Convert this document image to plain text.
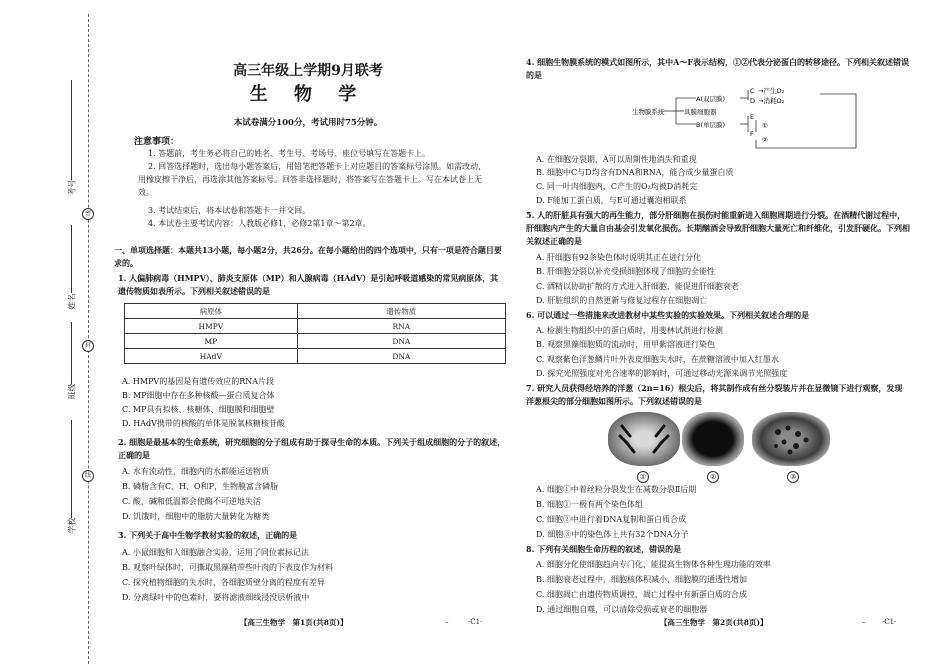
考号
密
姓名
封
班级
线
学校
高三年级上学期9月联考
生 物 学
本试卷满分100分，考试用时75分钟。
注意事项：
1. 答题前，考生务必将自己的姓名、考生号、考场号、座位号填写在答题卡上。
2. 回答选择题时，选出每小题答案后，用铅笔把答题卡上对应题目的答案标号涂黑。如需改动，用橡皮擦干净后，再选涂其他答案标号。回答非选择题时，将答案写在答题卡上。写在本试卷上无效。
3. 考试结束后，将本试卷和答题卡一并交回。
4. 本试卷主要考试内容：人教版必修1，必修2第1章～第2章。
一、单项选择题：本题共13小题，每小题2分，共26分。在每小题给出的四个选项中，只有一项是符合题目要求的。
1. 人偏肺病毒（HMPV）、肺炎支原体（MP）和人腺病毒（HAdV）是引起呼吸道感染的常见病原体，其遗传物质如表所示。下列相关叙述错误的是
病原体	遗传物质
HMPV	RNA
MP	DNA
HAdV	DNA
A. HMPV的基因是有遗传效应的RNA片段
B. MP细胞中存在多种核酸—蛋白质复合体
C. MP具有拟核、核糖体、细胞膜和细胞壁
D. HAdV携带的核酸的单体是脱氧核糖核苷酸
2. 细胞是最基本的生命系统，研究细胞的分子组成有助于探寻生命的本质。下列关于组成细胞的分子的叙述，正确的是
A. 水有流动性，细胞内的水都能运送物质
B. 磷脂含有C、H、O和P，生物膜富含磷脂
C. 酸、碱和低温都会使酶不可逆地失活
D. 饥饿时，细胞中的脂肪大量转化为糖类
3. 下列关于高中生物学教材实验的叙述，正确的是
A. 小鼠细胞和人细胞融合实验，运用了同位素标记法
B. 观察叶绿体时，可撕取黑藻稍带些叶肉的下表皮作为材料
C. 探究植物细胞的失水时，各细胞质壁分离的程度有差异
D. 分离绿叶中的色素时，要将滤液细线浸没层析液中
【高三生物学　第1页(共8页)】	–	·C1·
4. 细胞生物膜系统的模式如图所示，其中A～F表示结构，①②代表分泌蛋白的转移途径。下列相关叙述错误的是
生物膜系统
A(双层膜)
具膜细胞器
B(单层膜)
C →产生O₂
D →消耗O₂
E
F
①
②
A. 在细胞分裂期，A可以周期性地消失和重现
B. 细胞中C与D均含有DNA和RNA，能合成少量蛋白质
C. 同一叶肉细胞内，C产生的O₂均被D消耗完
D. F能加工蛋白质，与E可通过囊泡相联系
5. 人的肝脏具有强大的再生能力，部分肝细胞在损伤时能重新进入细胞周期进行分裂。在酒精代谢过程中，肝细胞内产生的大量自由基会引发氧化损伤。长期酗酒会导致肝细胞大量死亡和纤维化，引发肝硬化。下列相关叙述正确的是
A. 肝细胞有92条染色体时说明其正在进行分化
B. 肝细胞分裂以补充受损细胞体现了细胞的全能性
C. 酒精以协助扩散的方式进入肝细胞，能促进肝细胞衰老
D. 肝脏组织的自然更新与修复过程存在细胞凋亡
6. 可以通过一些措施来改进教材中某些实验的实验效果。下列相关叙述合理的是
A. 检测生物组织中的蛋白质时，用斐林试剂进行检测
B. 观察黑藻细胞质的流动时，用甲紫溶液进行染色
C. 观察紫色洋葱鳞片叶外表皮细胞失水时，在蔗糖溶液中加入红墨水
D. 探究光照强度对光合速率的影响时，可通过移动光源来调节光照强度
7. 研究人员获得经培养的洋葱（2n=16）根尖后，将其制作成有丝分裂装片并在显微镜下进行观察，发现洋葱根尖的部分细胞如图所示。下列叙述错误的是
①	②	③
A. 细胞①中着丝粒分裂发生在减数分裂Ⅱ后期
B. 细胞①一极有两个染色体组
C. 细胞②中进行着DNA复制和蛋白质合成
D. 细胞③中的染色体上共有32个DNA分子
8. 下列有关细胞生命历程的叙述，错误的是
A. 细胞分化使细胞趋向专门化，能提高生物体各种生理功能的效率
B. 细胞衰老过程中，细胞核体积减小，细胞膜的通透性增加
C. 细胞凋亡由遗传物质调控，凋亡过程中有新蛋白质的合成
D. 通过细胞自噬，可以清除受损或衰老的细胞器
【高三生物学　第2页(共8页)】	– ·C1·
